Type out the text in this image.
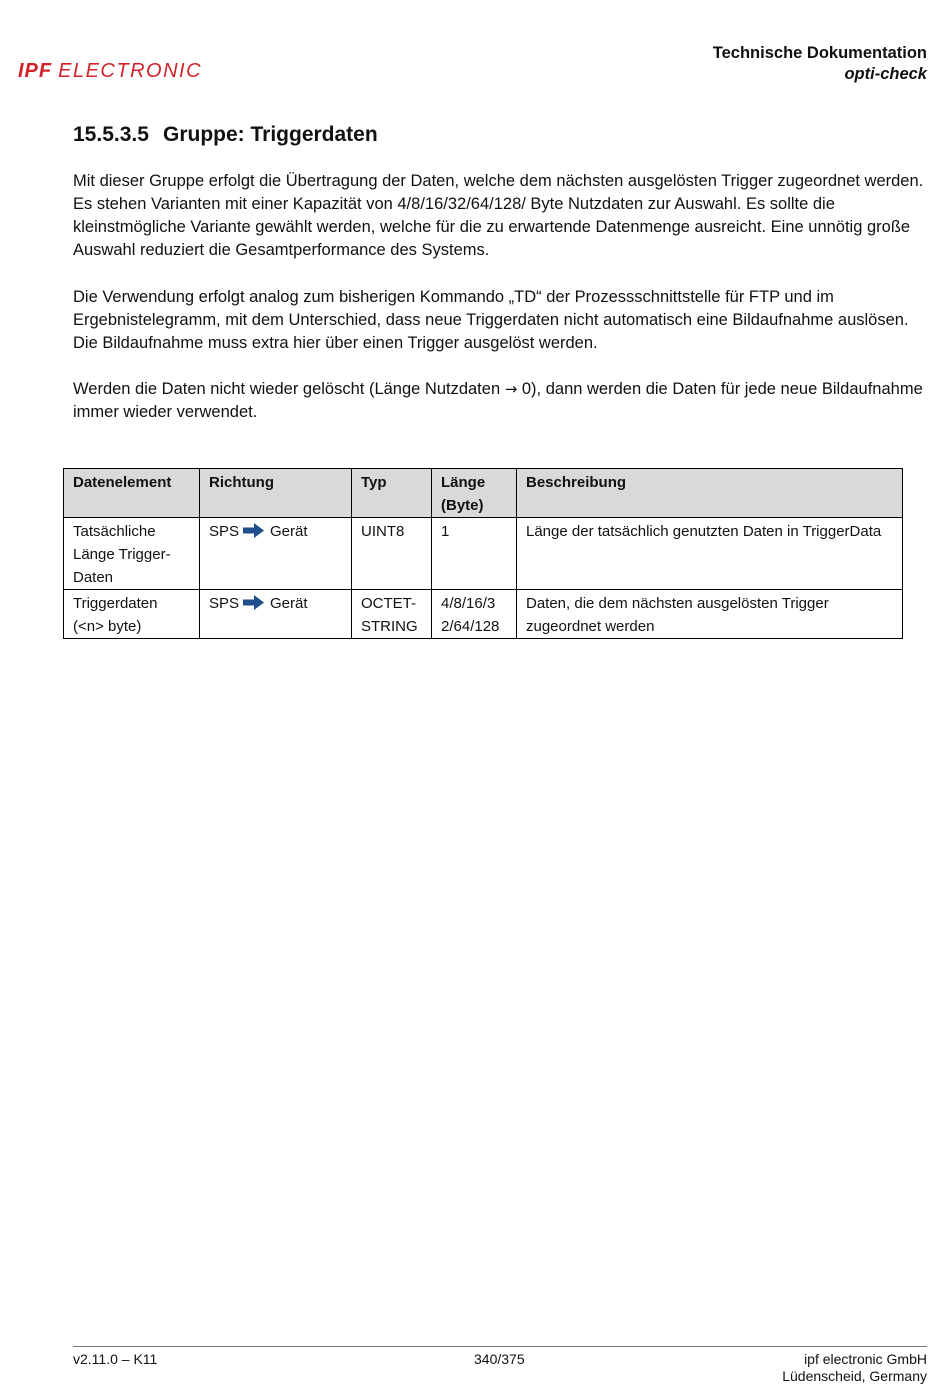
IPF ELECTRONIC
Technische Dokumentation
opti-check
15.5.3.5 Gruppe: Triggerdaten

Mit dieser Gruppe erfolgt die Übertragung der Daten, welche dem nächsten ausgelösten Trigger zugeordnet werden. Es stehen Varianten mit einer Kapazität von 4/8/16/32/64/128/ Byte Nutzdaten zur Auswahl. Es sollte die kleinstmögliche Variante gewählt werden, welche für die zu erwartende Datenmenge ausreicht. Eine unnötig große Auswahl reduziert die Gesamtperformance des Systems.

Die Verwendung erfolgt analog zum bisherigen Kommando „TD“ der Prozessschnittstelle für FTP und im Ergebnistelegramm, mit dem Unterschied, dass neue Triggerdaten nicht automatisch eine Bildaufnahme auslösen. Die Bildaufnahme muss extra hier über einen Trigger ausgelöst werden.

Werden die Daten nicht wieder gelöscht (Länge Nutzdaten → 0), dann werden die Daten für jede neue Bildaufnahme immer wieder verwendet.

Datenelement	Richtung	Typ	Länge (Byte)	Beschreibung
Tatsächliche Länge Trigger-Daten	SPS Gerät	UINT8	1	Länge der tatsächlich genutzten Daten in TriggerData
Triggerdaten (<n> byte)	SPS Gerät	OCTET-STRING	4/8/16/32/64/128	Daten, die dem nächsten ausgelösten Trigger zugeordnet werden
v2.11.0 – K11	340/375	ipf electronic GmbH
Lüdenscheid, Germany
